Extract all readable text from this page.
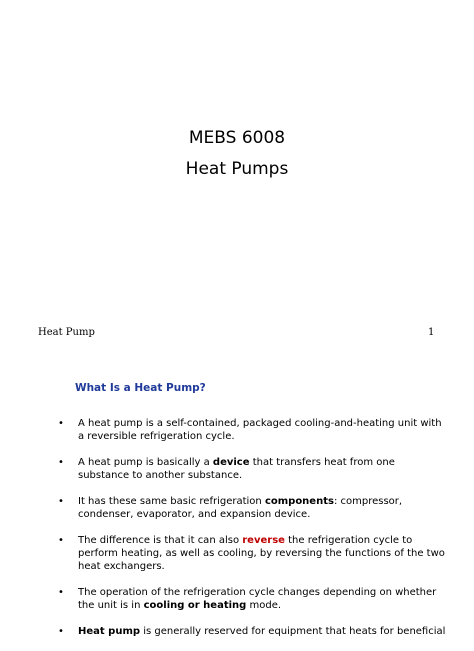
MEBS 6008
Heat Pumps
Heat Pump	1
What Is a Heat Pump?
• A heat pump is a self-contained, packaged cooling-and-heating unit with a reversible refrigeration cycle.
• A heat pump is basically a device that transfers heat from one substance to another substance.
• It has these same basic refrigeration components: compressor, condenser, evaporator, and expansion device.
• The difference is that it can also reverse the refrigeration cycle to perform heating, as well as cooling, by reversing the functions of the two heat exchangers.
• The operation of the refrigeration cycle changes depending on whether the unit is in cooling or heating mode.
• Heat pump is generally reserved for equipment that heats for beneficial
